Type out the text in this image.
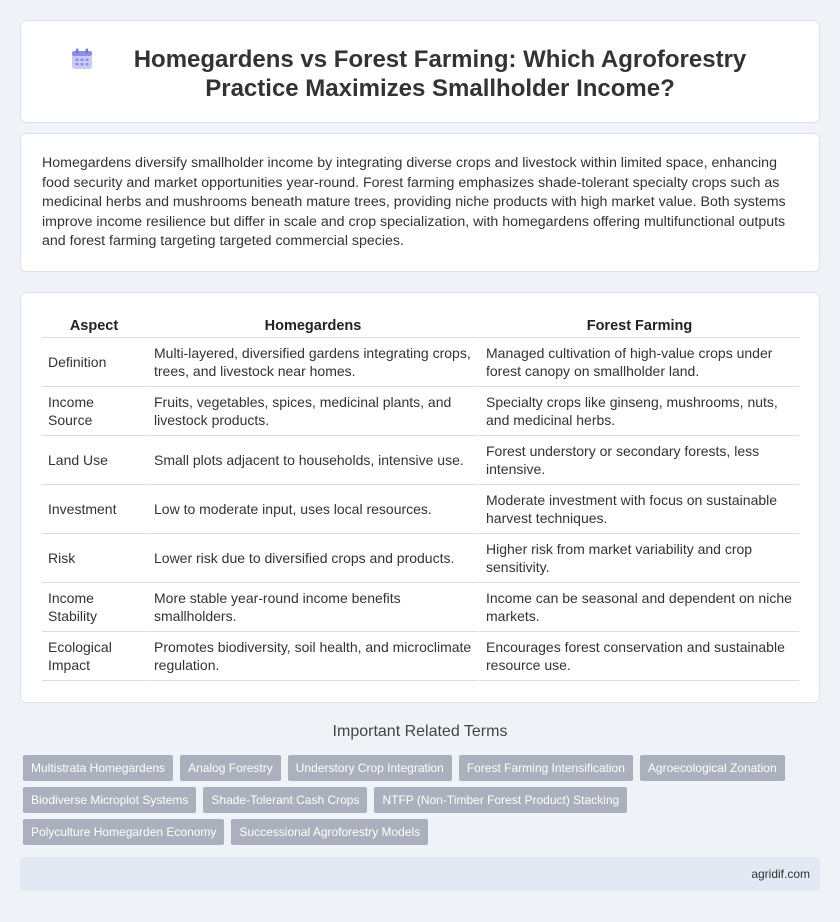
Homegardens vs Forest Farming: Which Agroforestry Practice Maximizes Smallholder Income?

Homegardens diversify smallholder income by integrating diverse crops and livestock within limited space, enhancing food security and market opportunities year-round. Forest farming emphasizes shade-tolerant specialty crops such as medicinal herbs and mushrooms beneath mature trees, providing niche products with high market value. Both systems improve income resilience but differ in scale and crop specialization, with homegardens offering multifunctional outputs and forest farming targeting targeted commercial species.

Aspect	Homegardens	Forest Farming
Definition	Multi-layered, diversified gardens integrating crops, trees, and livestock near homes.	Managed cultivation of high-value crops under forest canopy on smallholder land.
Income Source	Fruits, vegetables, spices, medicinal plants, and livestock products.	Specialty crops like ginseng, mushrooms, nuts, and medicinal herbs.
Land Use	Small plots adjacent to households, intensive use.	Forest understory or secondary forests, less intensive.
Investment	Low to moderate input, uses local resources.	Moderate investment with focus on sustainable harvest techniques.
Risk	Lower risk due to diversified crops and products.	Higher risk from market variability and crop sensitivity.
Income Stability	More stable year-round income benefits smallholders.	Income can be seasonal and dependent on niche markets.
Ecological Impact	Promotes biodiversity, soil health, and microclimate regulation.	Encourages forest conservation and sustainable resource use.
Important Related Terms
Multistrata Homegardens	Analog Forestry	Understory Crop Integration	Forest Farming Intensification	Agroecological Zonation
Biodiverse Microplot Systems	Shade-Tolerant Cash Crops	NTFP (Non-Timber Forest Product) Stacking
Polyculture Homegarden Economy	Successional Agroforestry Models
agridif.com
